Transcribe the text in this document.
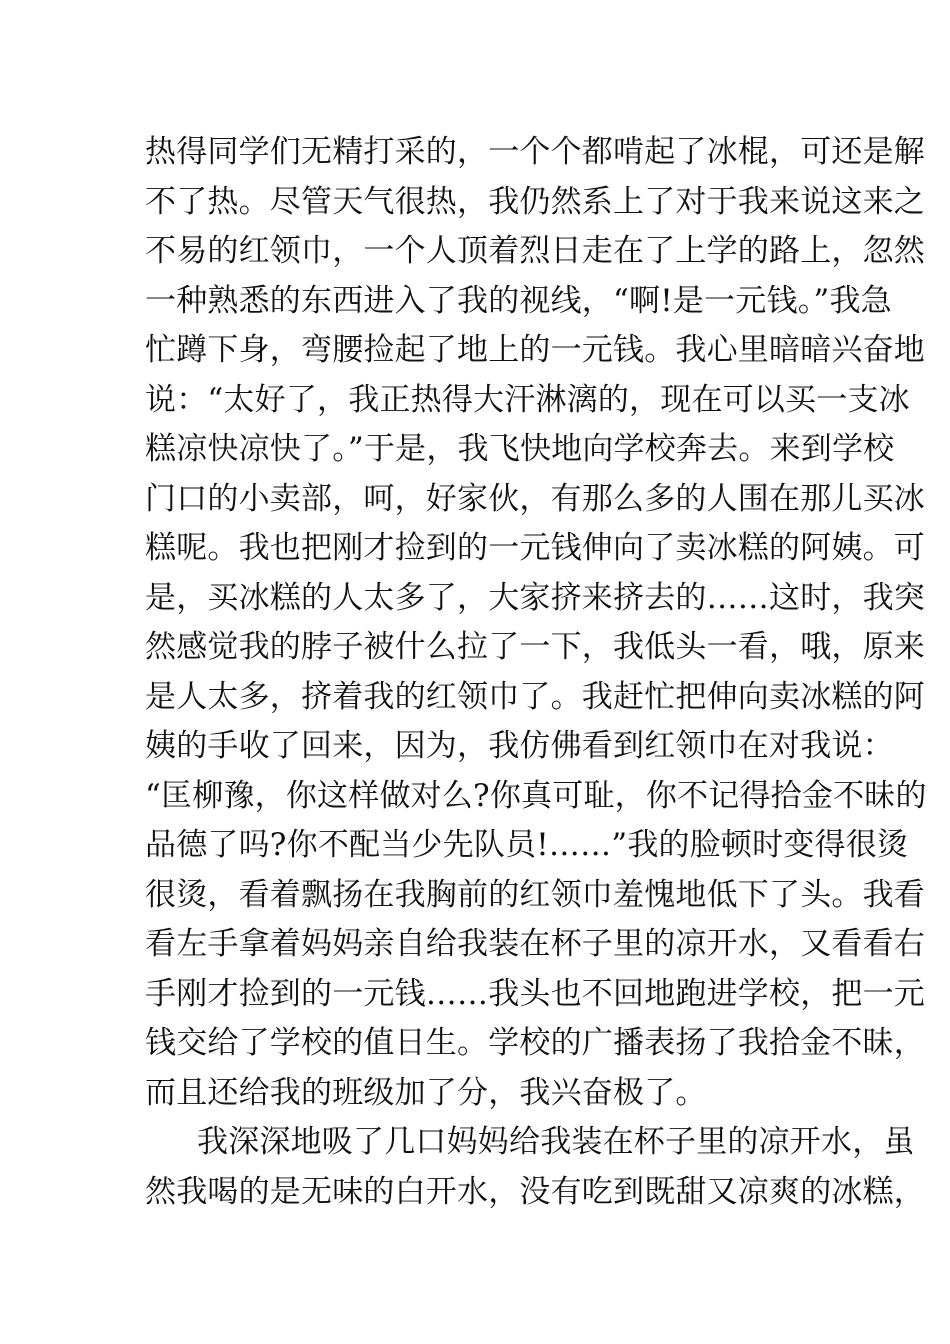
热得同学们无精打采的，一个个都啃起了冰棍，可还是解
不了热。尽管天气很热，我仍然系上了对于我来说这来之
不易的红领巾，一个人顶着烈日走在了上学的路上，忽然
一种熟悉的东西进入了我的视线，“啊!是一元钱。”我急
忙蹲下身，弯腰捡起了地上的一元钱。我心里暗暗兴奋地
说：“太好了，我正热得大汗淋漓的，现在可以买一支冰
糕凉快凉快了。”于是，我飞快地向学校奔去。来到学校
门口的小卖部，呵，好家伙，有那么多的人围在那儿买冰
糕呢。我也把刚才捡到的一元钱伸向了卖冰糕的阿姨。可
是，买冰糕的人太多了，大家挤来挤去的……这时，我突
然感觉我的脖子被什么拉了一下，我低头一看，哦，原来
是人太多，挤着我的红领巾了。我赶忙把伸向卖冰糕的阿
姨的手收了回来，因为，我仿佛看到红领巾在对我说：
“匡柳豫，你这样做对么?你真可耻，你不记得拾金不昧的
品德了吗?你不配当少先队员!……”我的脸顿时变得很烫
很烫，看着飘扬在我胸前的红领巾羞愧地低下了头。我看
看左手拿着妈妈亲自给我装在杯子里的凉开水，又看看右
手刚才捡到的一元钱……我头也不回地跑进学校，把一元
钱交给了学校的值日生。学校的广播表扬了我拾金不昧，
而且还给我的班级加了分，我兴奋极了。
我深深地吸了几口妈妈给我装在杯子里的凉开水，虽
然我喝的是无味的白开水，没有吃到既甜又凉爽的冰糕，
